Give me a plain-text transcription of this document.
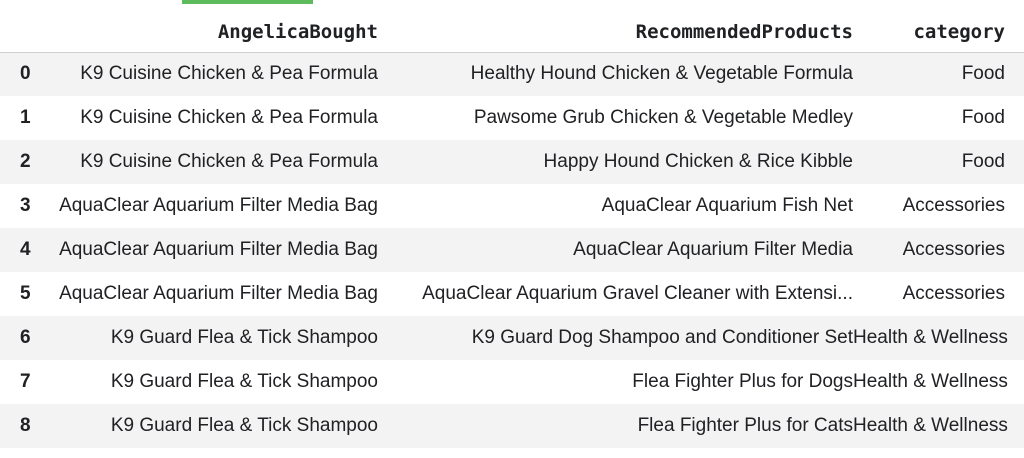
	AngelicaBought	RecommendedProducts	category
0	K9 Cuisine Chicken & Pea Formula	Healthy Hound Chicken & Vegetable Formula	Food
1	K9 Cuisine Chicken & Pea Formula	Pawsome Grub Chicken & Vegetable Medley	Food
2	K9 Cuisine Chicken & Pea Formula	Happy Hound Chicken & Rice Kibble	Food
3	AquaClear Aquarium Filter Media Bag	AquaClear Aquarium Fish Net	Accessories
4	AquaClear Aquarium Filter Media Bag	AquaClear Aquarium Filter Media	Accessories
5	AquaClear Aquarium Filter Media Bag	AquaClear Aquarium Gravel Cleaner with Extensi...	Accessories
6	K9 Guard Flea & Tick Shampoo	K9 Guard Dog Shampoo and Conditioner Set	Health & Wellness
7	K9 Guard Flea & Tick Shampoo	Flea Fighter Plus for Dogs	Health & Wellness
8	K9 Guard Flea & Tick Shampoo	Flea Fighter Plus for Cats	Health & Wellness
